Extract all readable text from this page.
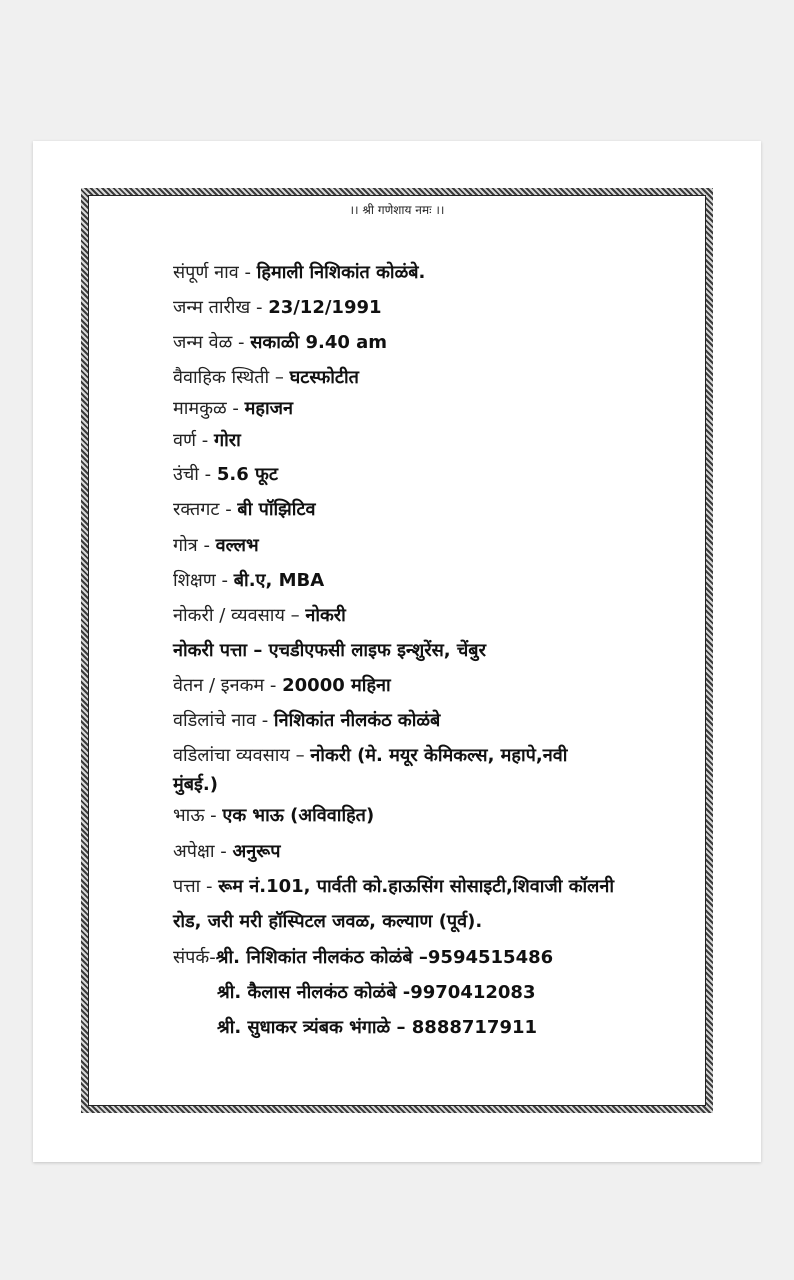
।। श्री गणेशाय नमः ।।
संपूर्ण नाव - हिमाली निशिकांत कोळंबे.
जन्म तारीख - 23/12/1991
जन्म वेळ - सकाळी 9.40 am
वैवाहिक स्थिती – घटस्फोटीत
मामकुळ - महाजन
वर्ण - गोरा
उंची - 5.6 फूट
रक्तगट - बी पॉझिटिव
गोत्र - वल्लभ
शिक्षण - बी.ए, MBA
नोकरी / व्यवसाय – नोकरी
नोकरी पत्ता – एचडीएफसी लाइफ इन्शुरेंस, चेंबुर
वेतन / इनकम - 20000 महिना
वडिलांचे नाव - निशिकांत नीलकंठ कोळंबे
वडिलांचा व्यवसाय – नोकरी (मे. मयूर केमिकल्स, महापे,नवी
मुंबई.)
भाऊ - एक भाऊ (अविवाहित)
अपेक्षा - अनुरूप
पत्ता - रूम नं.101, पार्वती को.हाऊसिंग सोसाइटी,शिवाजी कॉलनी
रोड, जरी मरी हॉस्पिटल जवळ, कल्याण (पूर्व).
संपर्क-श्री. निशिकांत नीलकंठ कोळंबे –9594515486
श्री. कैलास नीलकंठ कोळंबे -9970412083
श्री. सुधाकर त्र्यंबक भंगाळे – 8888717911
